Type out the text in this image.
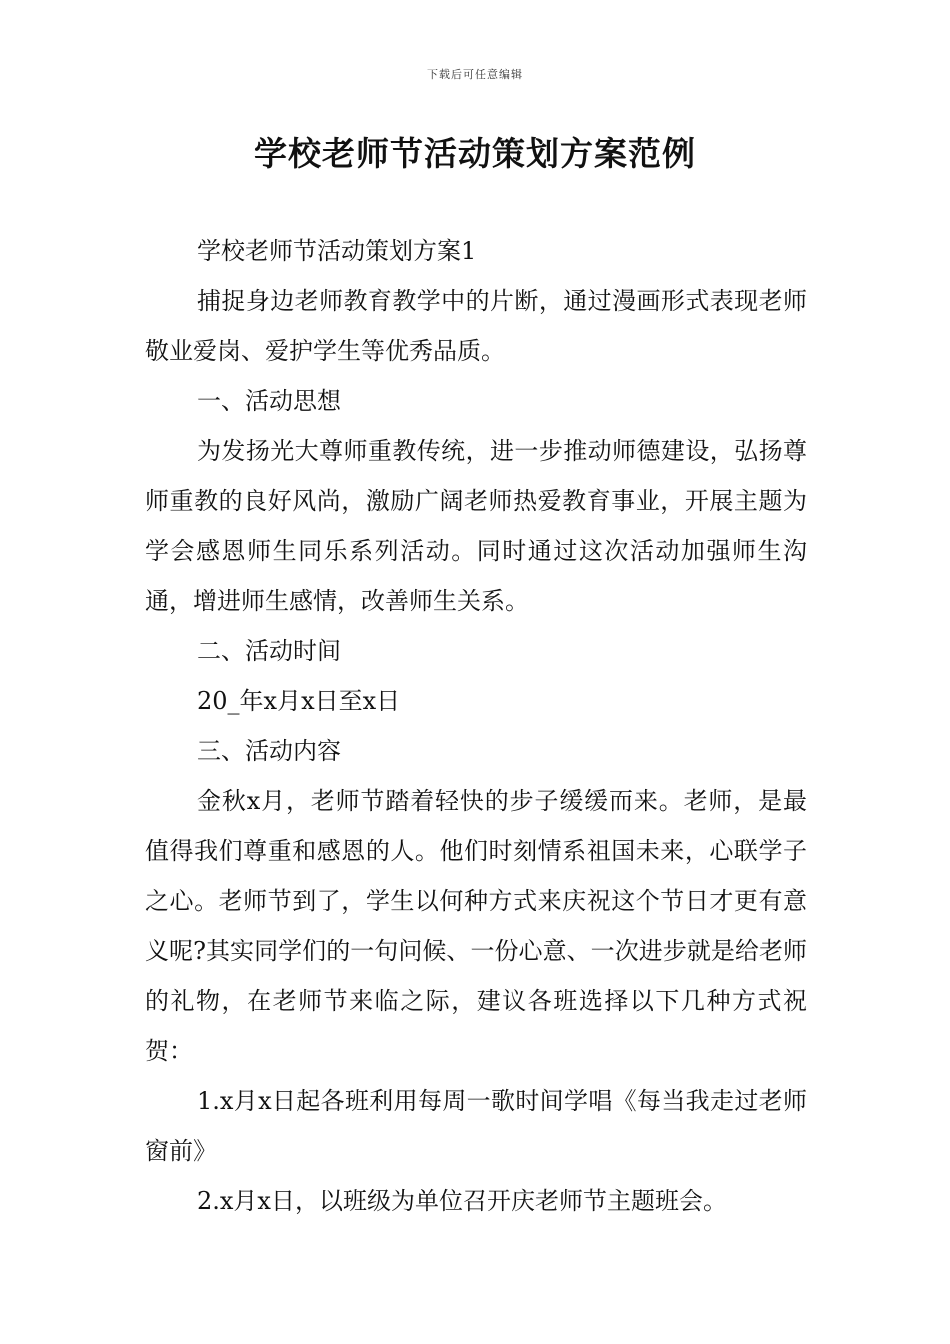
下载后可任意编辑
学校老师节活动策划方案范例

学校老师节活动策划方案1

捕捉身边老师教育教学中的片断，通过漫画形式表现老师敬业爱岗、爱护学生等优秀品质。

一、活动思想

为发扬光大尊师重教传统，进一步推动师德建设，弘扬尊师重教的良好风尚，激励广阔老师热爱教育事业，开展主题为学会感恩师生同乐系列活动。同时通过这次活动加强师生沟通，增进师生感情，改善师生关系。

二、活动时间

20_年x月x日至x日

三、活动内容

金秋x月，老师节踏着轻快的步子缓缓而来。老师，是最值得我们尊重和感恩的人。他们时刻情系祖国未来，心联学子之心。老师节到了，学生以何种方式来庆祝这个节日才更有意义呢?其实同学们的一句问候、一份心意、一次进步就是给老师的礼物，在老师节来临之际，建议各班选择以下几种方式祝贺：

1.x月x日起各班利用每周一歌时间学唱《每当我走过老师窗前》

2.x月x日，以班级为单位召开庆老师节主题班会。
